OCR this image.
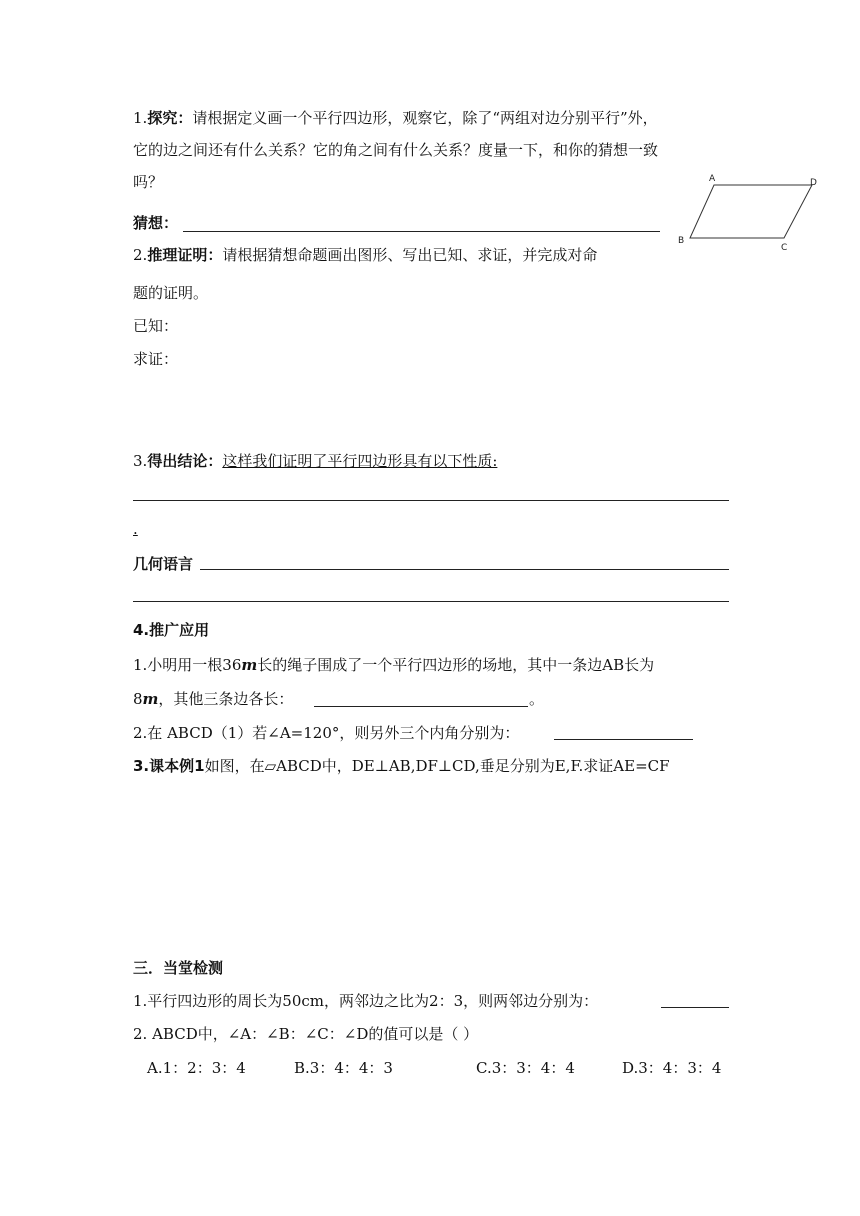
1.探究：请根据定义画一个平行四边形，观察它，除了“两组对边分别平行”外，
它的边之间还有什么关系？它的角之间有什么关系？度量一下，和你的猜想一致
吗？
猜想：
A	D
B
C
2.推理证明：请根据猜想命题画出图形、写出已知、求证，并完成对命
题的证明。
已知：
求证：
3.得出结论：这样我们证明了平行四边形具有以下性质:
.
几何语言
4.推广应用
1.小明用一根36m长的绳子围成了一个平行四边形的场地，其中一条边AB长为
8m，其他三条边各长：	。
2.在 ABCD（1）若∠A=120°，则另外三个内角分别为：
3.课本例1如图，在▱ABCD中，DE⊥AB,DF⊥CD,垂足分别为E,F.求证AE=CF
三．当堂检测
1.平行四边形的周长为50cm，两邻边之比为2：3，则两邻边分别为：
2. ABCD中，∠A：∠B：∠C：∠D的值可以是（ ）
A.1：2：3：4	B.3：4：4：3	C.3：3：4：4	D.3：4：3：4
